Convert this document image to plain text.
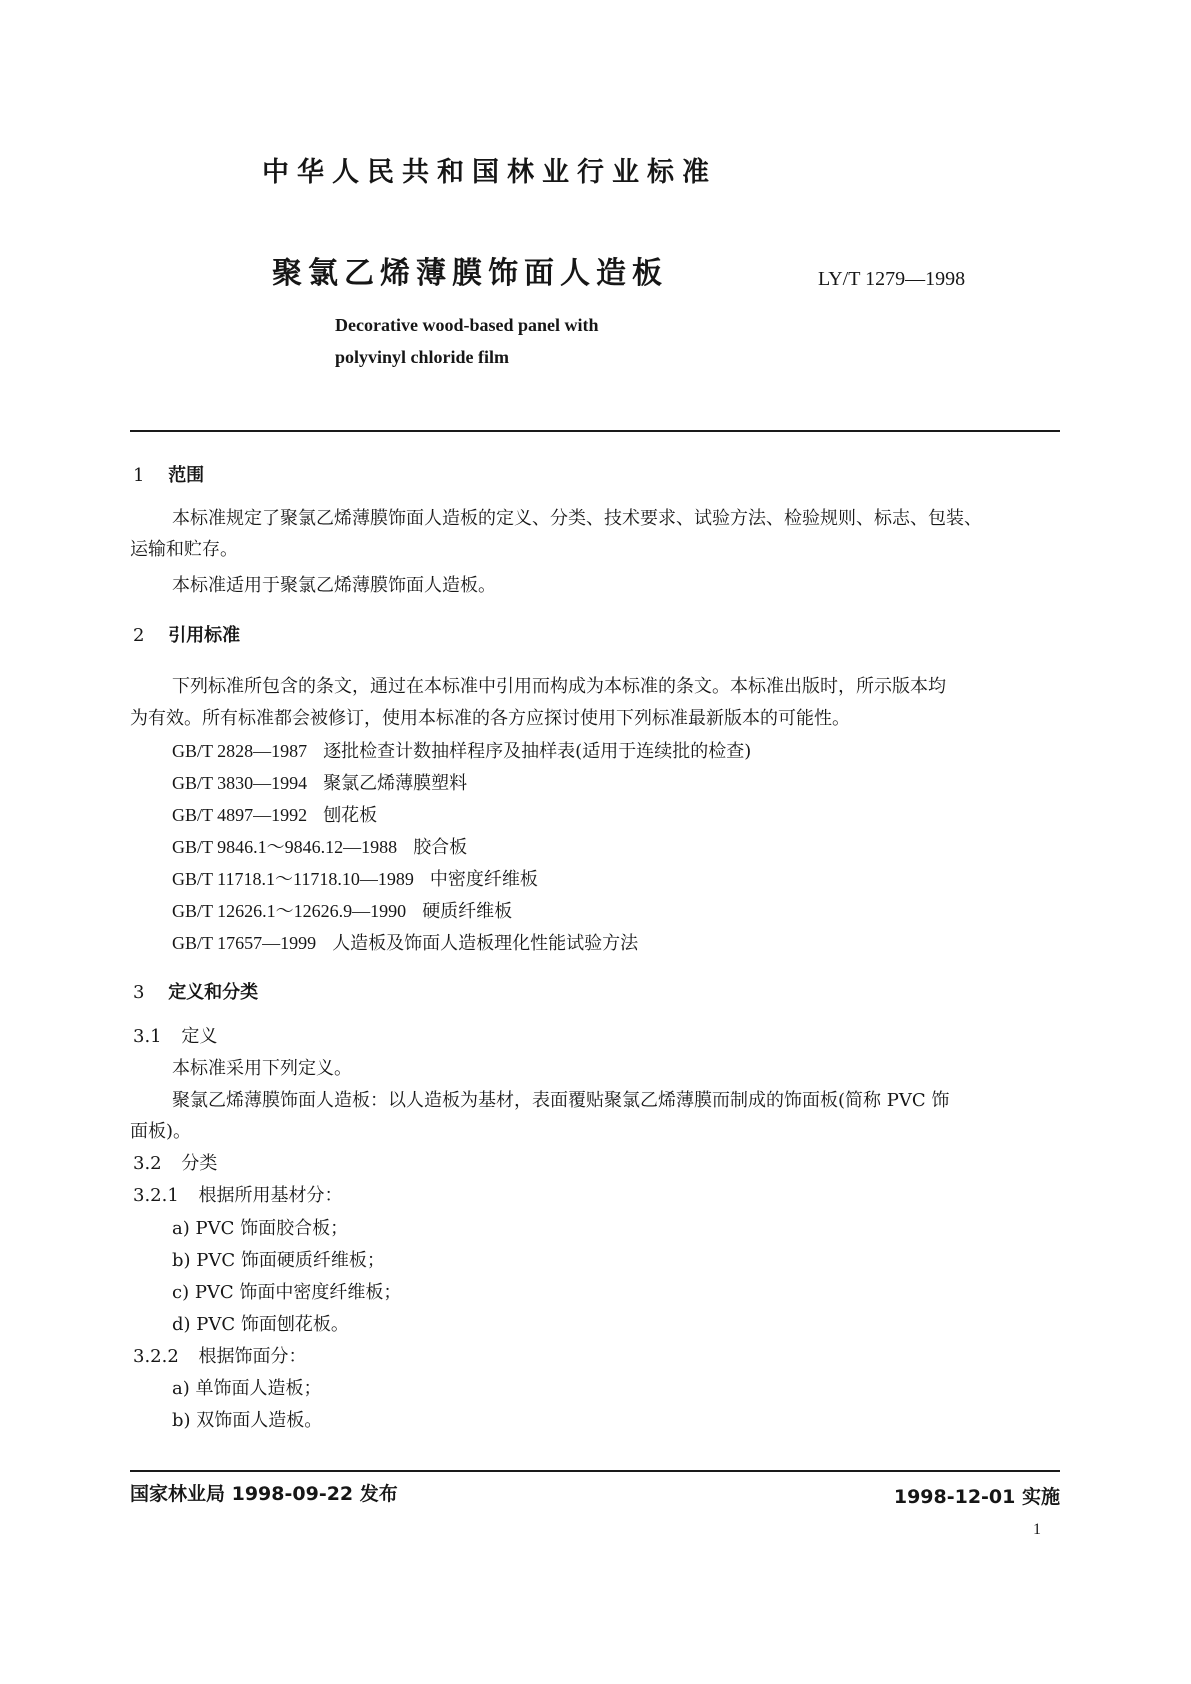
中华人民共和国林业行业标准
聚氯乙烯薄膜饰面人造板	LY/T 1279—1998
Decorative wood-based panel with
polyvinyl chloride film
1 范围
本标准规定了聚氯乙烯薄膜饰面人造板的定义、分类、技术要求、试验方法、检验规则、标志、包装、
运输和贮存。
本标准适用于聚氯乙烯薄膜饰面人造板。
2 引用标准
下列标准所包含的条文，通过在本标准中引用而构成为本标准的条文。本标准出版时，所示版本均
为有效。所有标准都会被修订，使用本标准的各方应探讨使用下列标准最新版本的可能性。
GB/T 2828—1987 逐批检查计数抽样程序及抽样表(适用于连续批的检查)
GB/T 3830—1994 聚氯乙烯薄膜塑料
GB/T 4897—1992 刨花板
GB/T 9846.1～9846.12—1988 胶合板
GB/T 11718.1～11718.10—1989 中密度纤维板
GB/T 12626.1～12626.9—1990 硬质纤维板
GB/T 17657—1999 人造板及饰面人造板理化性能试验方法
3 定义和分类
3.1 定义
本标准采用下列定义。
聚氯乙烯薄膜饰面人造板：以人造板为基材，表面覆贴聚氯乙烯薄膜而制成的饰面板(简称 PVC 饰
面板)。
3.2 分类
3.2.1 根据所用基材分：
a) PVC 饰面胶合板；
b) PVC 饰面硬质纤维板；
c) PVC 饰面中密度纤维板；
d) PVC 饰面刨花板。
3.2.2 根据饰面分：
a) 单饰面人造板；
b) 双饰面人造板。
国家林业局 1998-09-22 发布	1998-12-01 实施
1
